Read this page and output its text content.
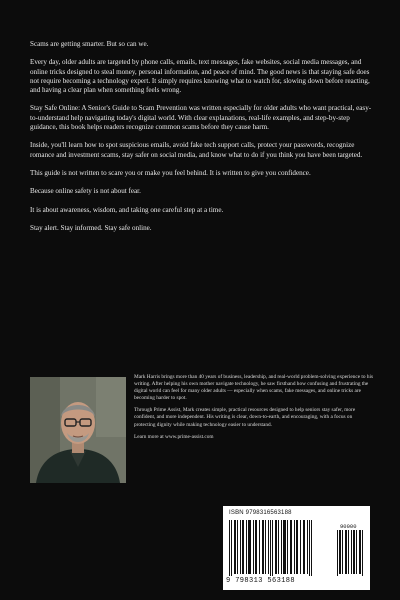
Scams are getting smarter. But so can we.

Every day, older adults are targeted by phone calls, emails, text messages, fake websites, social media messages, and online tricks designed to steal money, personal information, and peace of mind. The good news is that staying safe does not require becoming a technology expert. It simply requires knowing what to watch for, slowing down before reacting, and having a clear plan when something feels wrong.

Stay Safe Online: A Senior's Guide to Scam Prevention was written especially for older adults who want practical, easy-to-understand help navigating today's digital world. With clear explanations, real-life examples, and step-by-step guidance, this book helps readers recognize common scams before they cause harm.

Inside, you'll learn how to spot suspicious emails, avoid fake tech support calls, protect your passwords, recognize romance and investment scams, stay safer on social media, and know what to do if you think you have been targeted.

This guide is not written to scare you or make you feel behind. It is written to give you confidence.

Because online safety is not about fear.

It is about awareness, wisdom, and taking one careful step at a time.

Stay alert. Stay informed. Stay safe online.

Mark Harris brings more than 40 years of business, leadership, and real-world problem-solving experience to his writing. After helping his own mother navigate technology, he saw firsthand how confusing and frustrating the digital world can feel for many older adults — especially when scams, fake messages, and online tricks are becoming harder to spot.

Through Prime Assist, Mark creates simple, practical resources designed to help seniors stay safer, more confident, and more independent. His writing is clear, down-to-earth, and encouraging, with a focus on protecting dignity while making technology easier to understand.

Learn more at www.prime-assist.com

ISBN 9798316563188
90000
9 798313 563188
